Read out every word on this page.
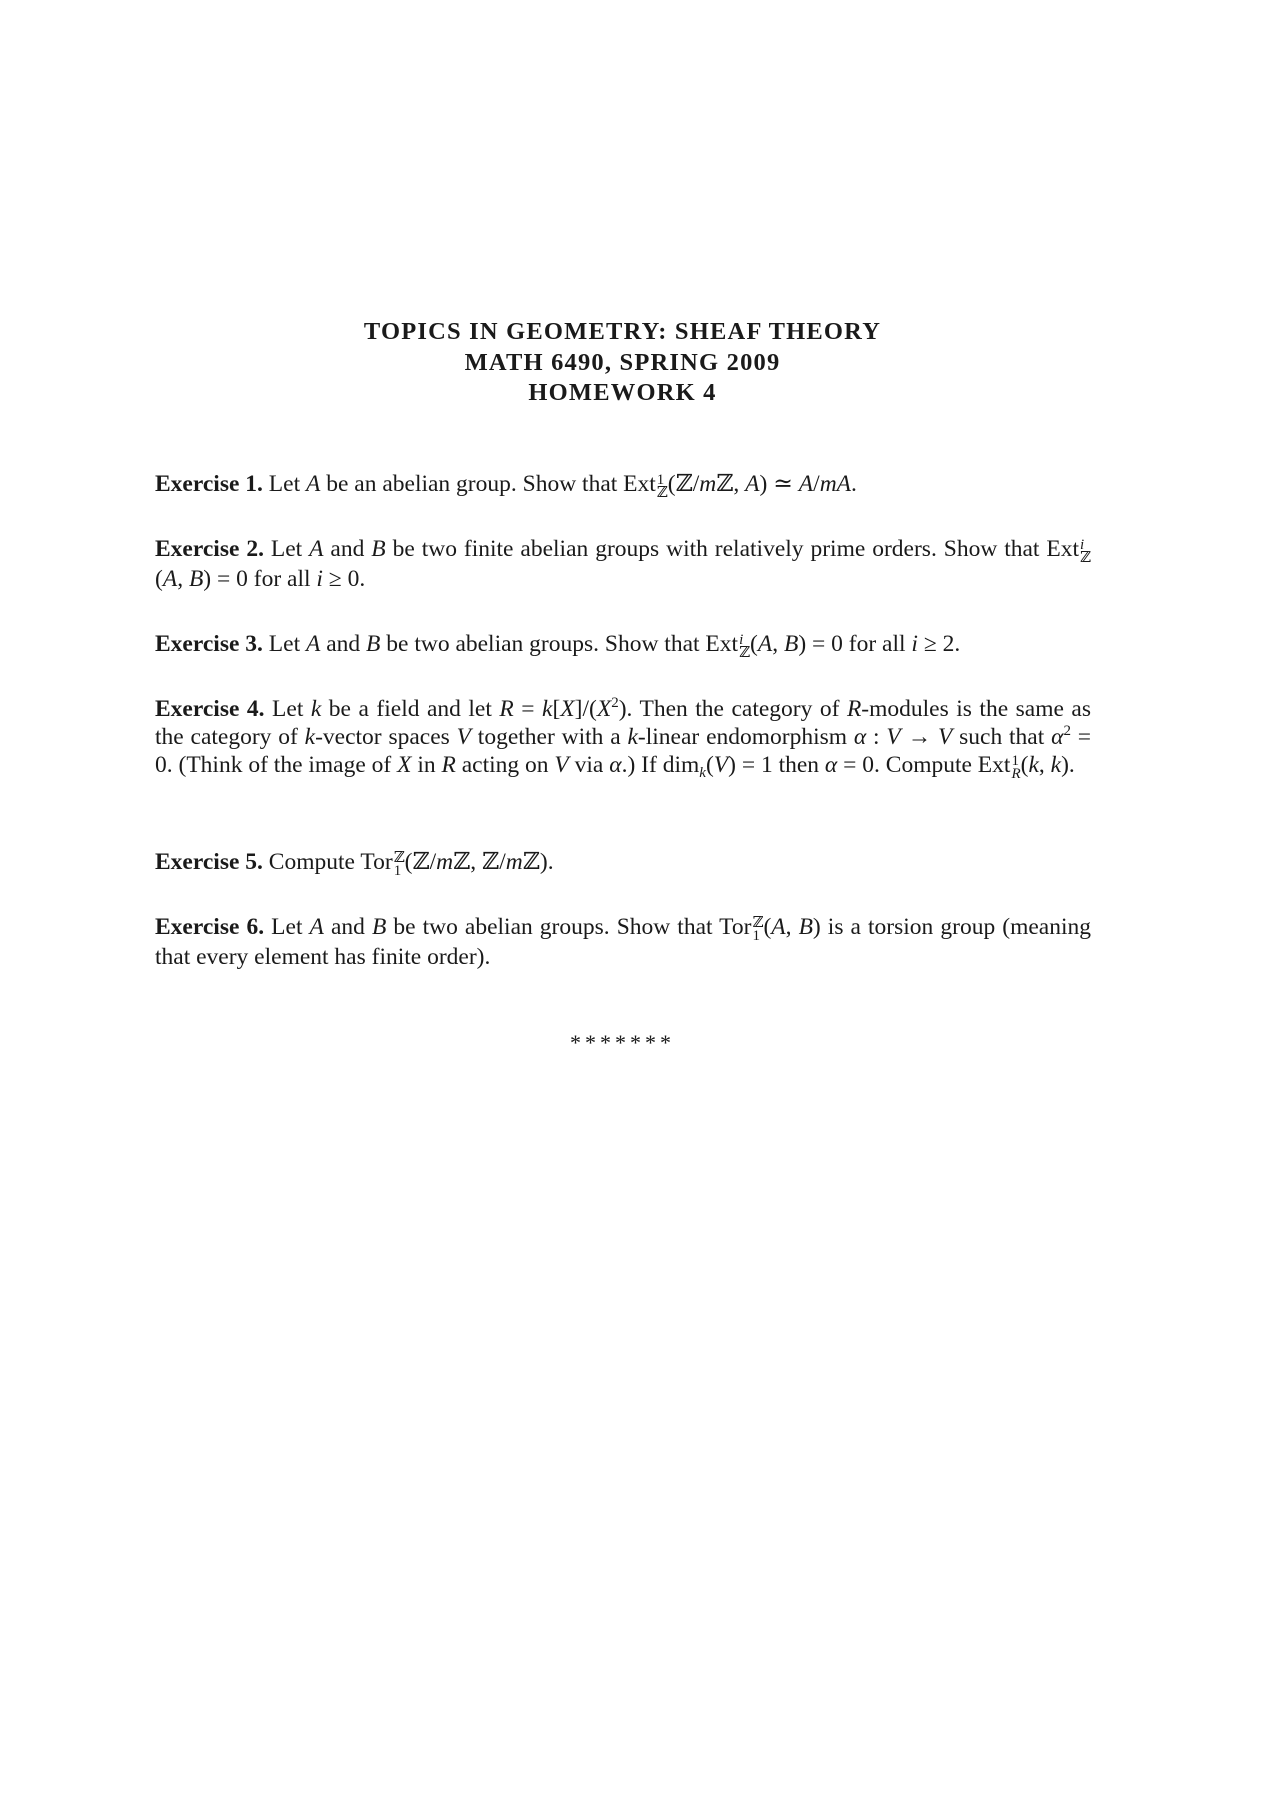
TOPICS IN GEOMETRY: SHEAF THEORY
MATH 6490, SPRING 2009
HOMEWORK 4
Exercise 1. Let A be an abelian group. Show that Ext 1
ℤ (ℤ/mℤ, A) ≃ A/mA.
Exercise 2. Let A and B be two finite abelian groups with relatively prime orders. Show that Ext i
ℤ
(A, B) = 0 for all i ≥ 0.
Exercise 3. Let A and B be two abelian groups. Show that Ext i
ℤ (A, B) = 0 for all i ≥ 2.
Exercise 4. Let k be a field and let $R = k[X]/(X^2)$. Then the category of R-modules is the same as the category of k-vector spaces V together with a k-linear endomorphism α : V → V such that $\alpha^2 = 0$. (Think of the image of X in R acting on V via α.) If dim$_k$(V) = 1 then α = 0. Compute Ext 1
R (k, k).
Exercise 5. Compute Tor ℤ
1 (ℤ/mℤ, ℤ/mℤ).
Exercise 6. Let A and B be two abelian groups. Show that Tor ℤ
1 (A, B) is a torsion group (meaning that every element has finite order).
*******
